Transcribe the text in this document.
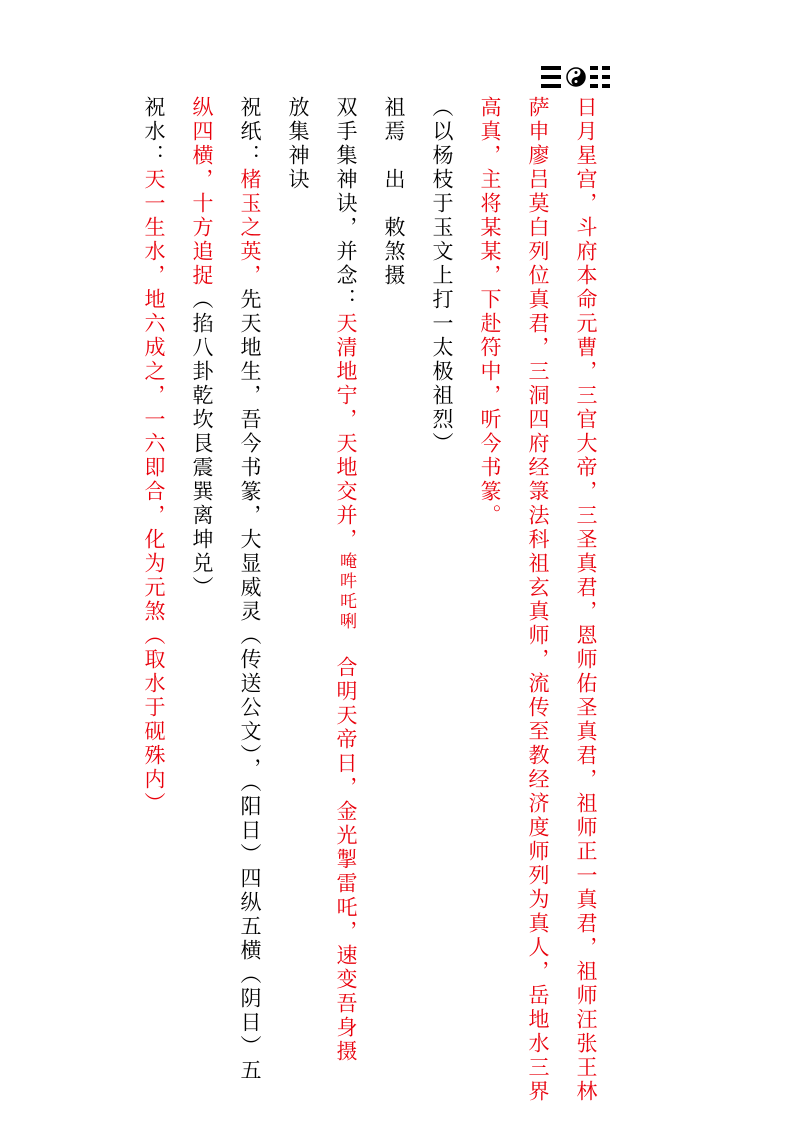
日月星宫，斗府本命元曹，三官大帝，三圣真君，恩师佑圣真君，祖师正一真君，祖师汪张王林
萨申廖吕莫白列位真君，三洞四府经箓法科祖玄真师，流传至教经济度师列为真人，岳地水三界
高真，主将某某，下赴符中，听今书篆。
（以杨枝于玉文上打一太极祖烈）
祖焉　出　敕煞摄
双手集神诀，并念：天清地宁，天地交并，唵吽吒唎　合明天帝日，金光掣雷吒，速变吾身摄
放集神诀
祝纸：楮玉之英，先天地生，吾今书篆，大显威灵（传送公文），（阳日）四纵五横（阴日）五
纵四横，十方追捉（掐八卦乾坎艮震巽离坤兑）
祝水：天一生水，地六成之，一六即合，化为元煞（取水于砚殊内）
